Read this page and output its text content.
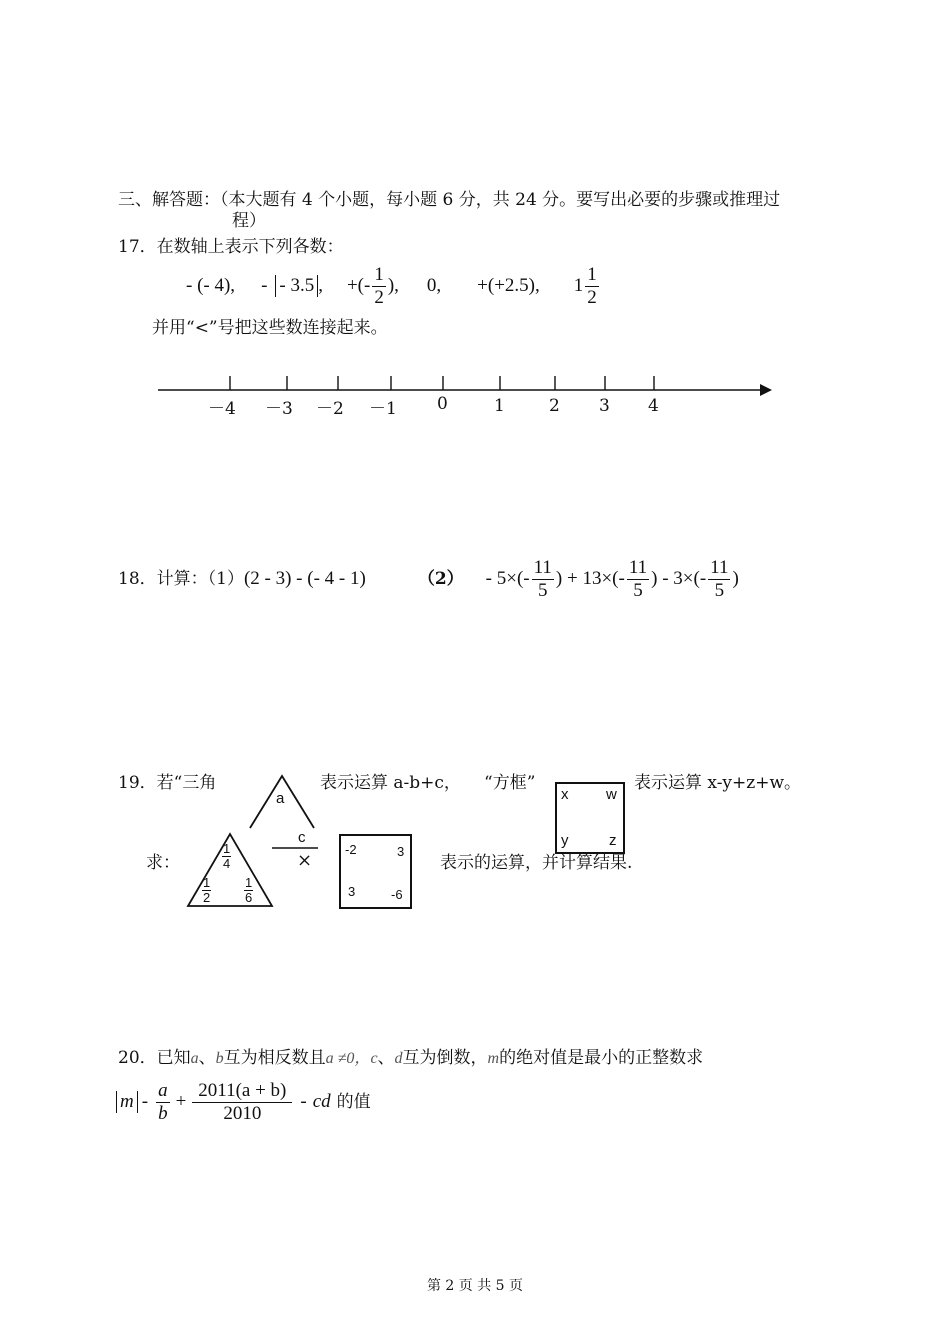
三、解答题：（本大题有 4 个小题，每小题 6 分，共 24 分。要写出必要的步骤或推理过
程）
17．在数轴上表示下列各数：
- (- 4), - - 3.5 , +(- $\frac{1}{2}$ ), 0, +(+2.5), $1 \frac{1}{2}$
并用“<”号把这些数连接起来。
－4 －3 －2 －1 0	1	2 3 4
18．计算：（1） (2 - 3) - (- 4 - 1)	$(2) - 5\times(- \frac{11}{5}$ ) + $13\times(- \frac{11}{5}$ ) - $3\times(- \frac{11}{5}$ )
19．若“三角
a
c
×
表示运算 a-b+c， “方框”
x	w
y	z
表示运算 x-y+z+w。
求：	$\frac{1}{4}$
$\frac{1}{2}$	$\frac{1}{6}$
-2	3
3	-6
表示的运算，并计算结果.
20．已知a、b互为相反数且a ≠0，c、d互为倒数，m的绝对值是最小的正整数求
$m - \frac{a}{b} + \frac{2011(a + b)}{2010}$ - cd 的值
第 2 页 共 5 页
